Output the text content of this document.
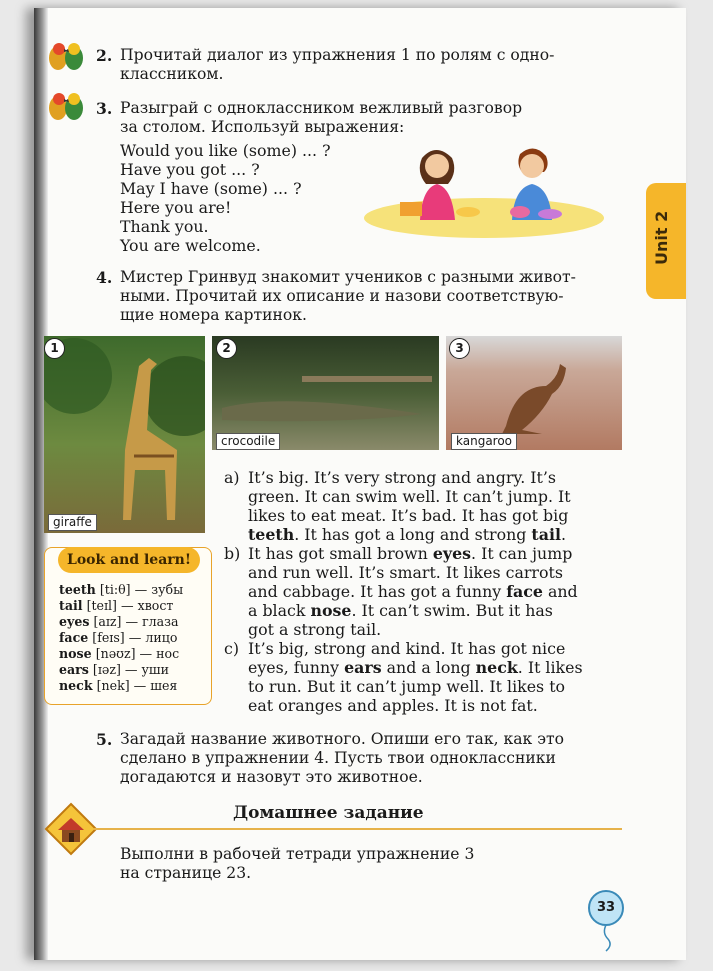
Unit 2
2. Прочитай диалог из упражнения 1 по ролям с одно-
классником.
3. Разыграй с одноклассником вежливый разговор
за столом. Используй выражения:
Would you like (some) ... ?
Have you got ... ?
May I have (some) ... ?
Here you are!
Thank you.
You are welcome.
4. Мистер Гринвуд знакомит учеников с разными живот-
ными. Прочитай их описание и назови соответствую-
щие номера картинок.
1
giraffe
2
crocodile
3
kangaroo
Look and learn!
teeth [ti:θ] — зубы
tail [teɪl] — хвост
eyes [aɪz] — глаза
face [feɪs] — лицо
nose [nəʊz] — нос
ears [ɪəz] — уши
neck [nek] — шея
a) It’s big. It’s very strong and angry. It’s
green. It can swim well. It can’t jump. It
likes to eat meat. It’s bad. It has got big
teeth. It has got a long and strong tail.
b) It has got small brown eyes. It can jump
and run well. It’s smart. It likes carrots
and cabbage. It has got a funny face and
a black nose. It can’t swim. But it has
got a strong tail.
c) It’s big, strong and kind. It has got nice
eyes, funny ears and a long neck. It likes
to run. But it can’t jump well. It likes to
eat oranges and apples. It is not fat.
5. Загадай название животного. Опиши его так, как это
сделано в упражнении 4. Пусть твои одноклассники
догадаются и назовут это животное.
Домашнее задание
Выполни в рабочей тетради упражнение 3
на странице 23.
33
